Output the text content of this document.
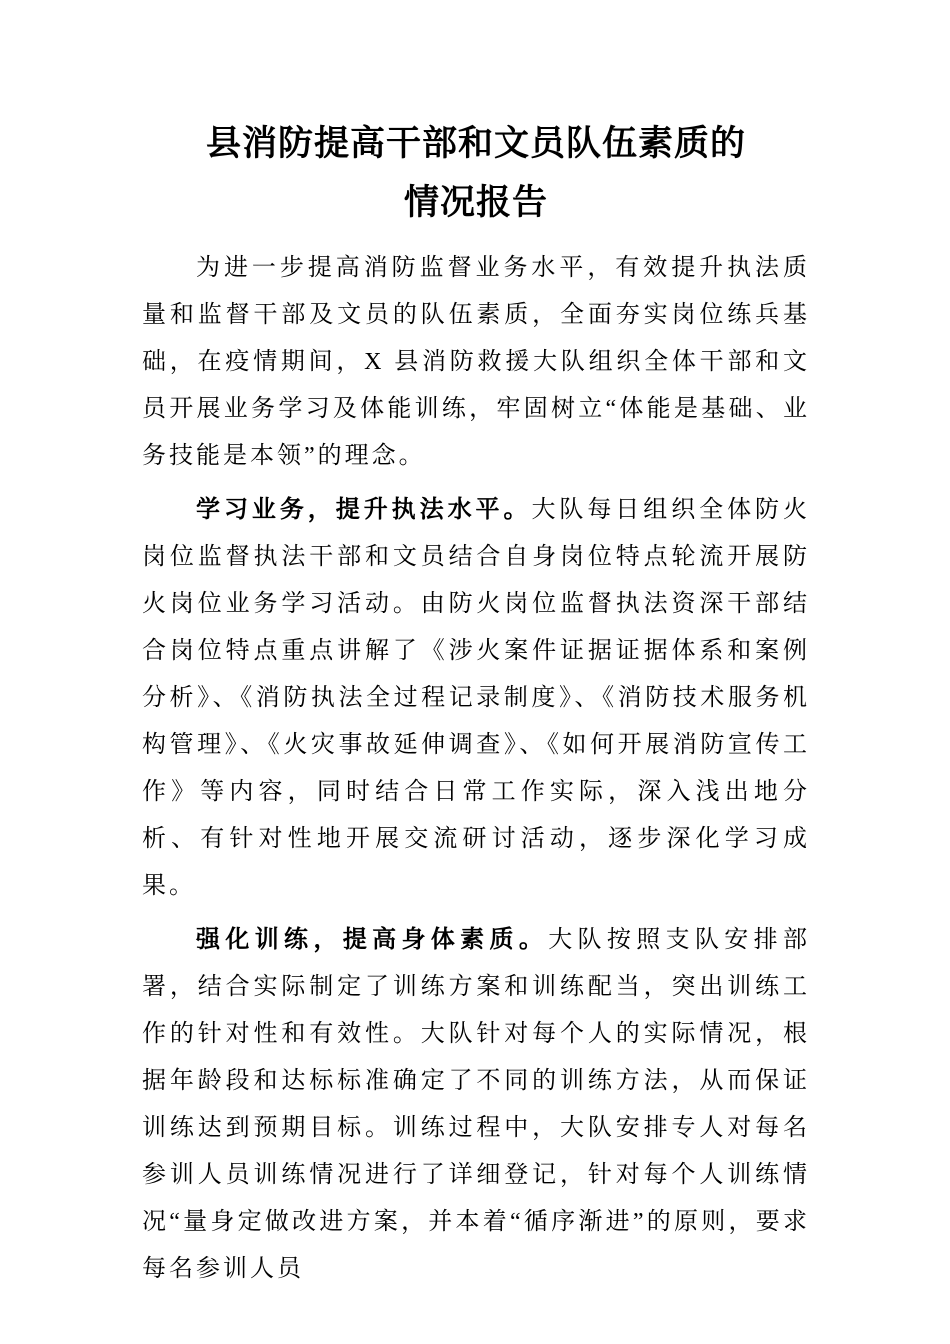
县消防提高干部和文员队伍素质的
情况报告

为进一步提高消防监督业务水平，有效提升执法质量和监督干部及文员的队伍素质，全面夯实岗位练兵基础，在疫情期间，X 县消防救援大队组织全体干部和文员开展业务学习及体能训练，牢固树立“体能是基础、业务技能是本领”的理念。

学习业务，提升执法水平。大队每日组织全体防火岗位监督执法干部和文员结合自身岗位特点轮流开展防火岗位业务学习活动。由防火岗位监督执法资深干部结合岗位特点重点讲解了《涉火案件证据证据体系和案例分析》、《消防执法全过程记录制度》、《消防技术服务机构管理》、《火灾事故延伸调查》、《如何开展消防宣传工作》等内容，同时结合日常工作实际，深入浅出地分析、有针对性地开展交流研讨活动，逐步深化学习成果。

强化训练，提高身体素质。大队按照支队安排部署，结合实际制定了训练方案和训练配当，突出训练工作的针对性和有效性。大队针对每个人的实际情况，根据年龄段和达标标准确定了不同的训练方法，从而保证训练达到预期目标。训练过程中，大队安排专人对每名参训人员训练情况进行了详细登记，针对每个人训练情况“量身定做改进方案，并本着“循序渐进”的原则，要求每名参训人员
